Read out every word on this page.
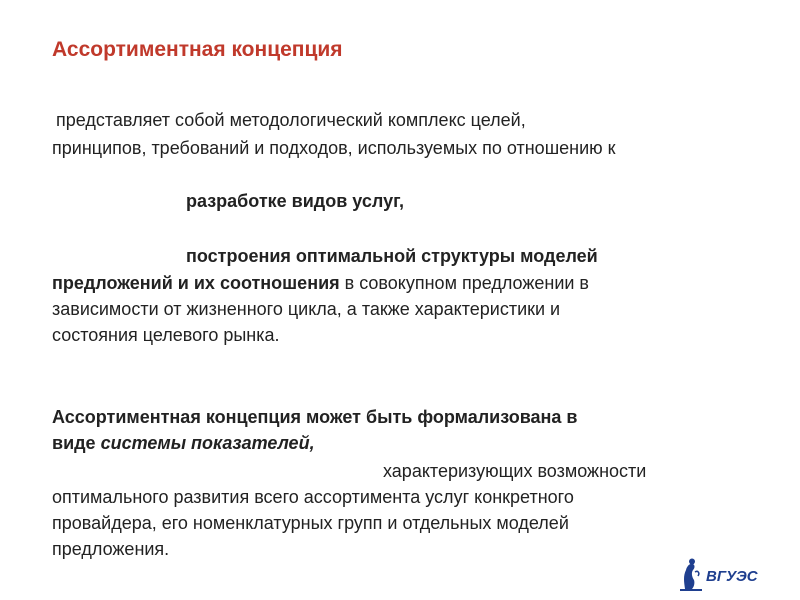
Ассортиментная концепция
представляет собой методологический комплекс целей,
принципов, требований и подходов, используемых по отношению к
разработке видов услуг,
построения оптимальной структуры моделей
предложений и их соотношения в совокупном предложении в
зависимости от жизненного цикла, а также характеристики и
состояния целевого рынка.
Ассортиментная концепция может быть формализована в
виде системы показателей,
характеризующих возможности
оптимального развития всего ассортимента услуг конкретного
провайдера, его номенклатурных групп и отдельных моделей
предложения.
ВГУЭС
